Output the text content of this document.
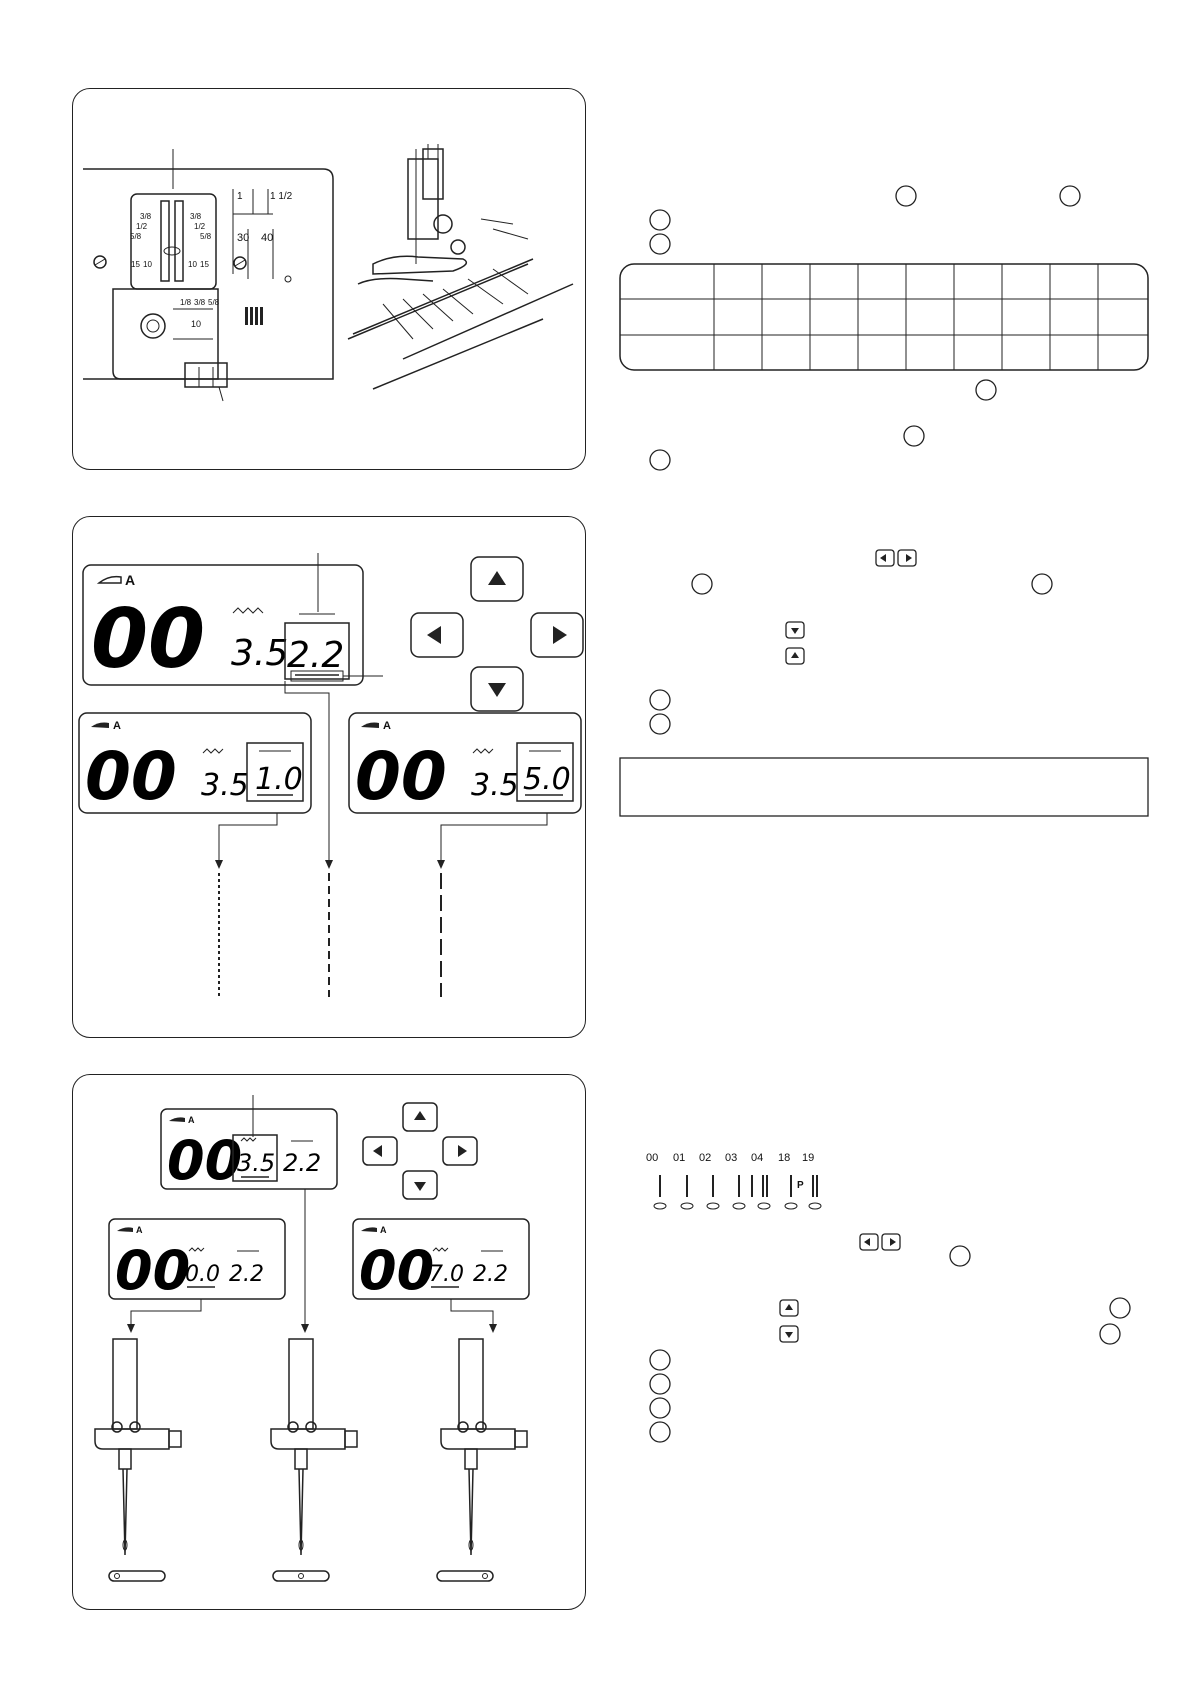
3/8
1/2
5/8
15 10
3/8
1/2
5/8
10 15
1	1 1/2
30 40
1/8 3/8 5/8
10
A
00 3.5
2.2
A
00 3.5 1.0
A
00 3.5 5.0
A
00
3.5 2.2
A
00
0.0 2.2
A
00
7.0 2.2
00 01 02 03 04 18 19
P
